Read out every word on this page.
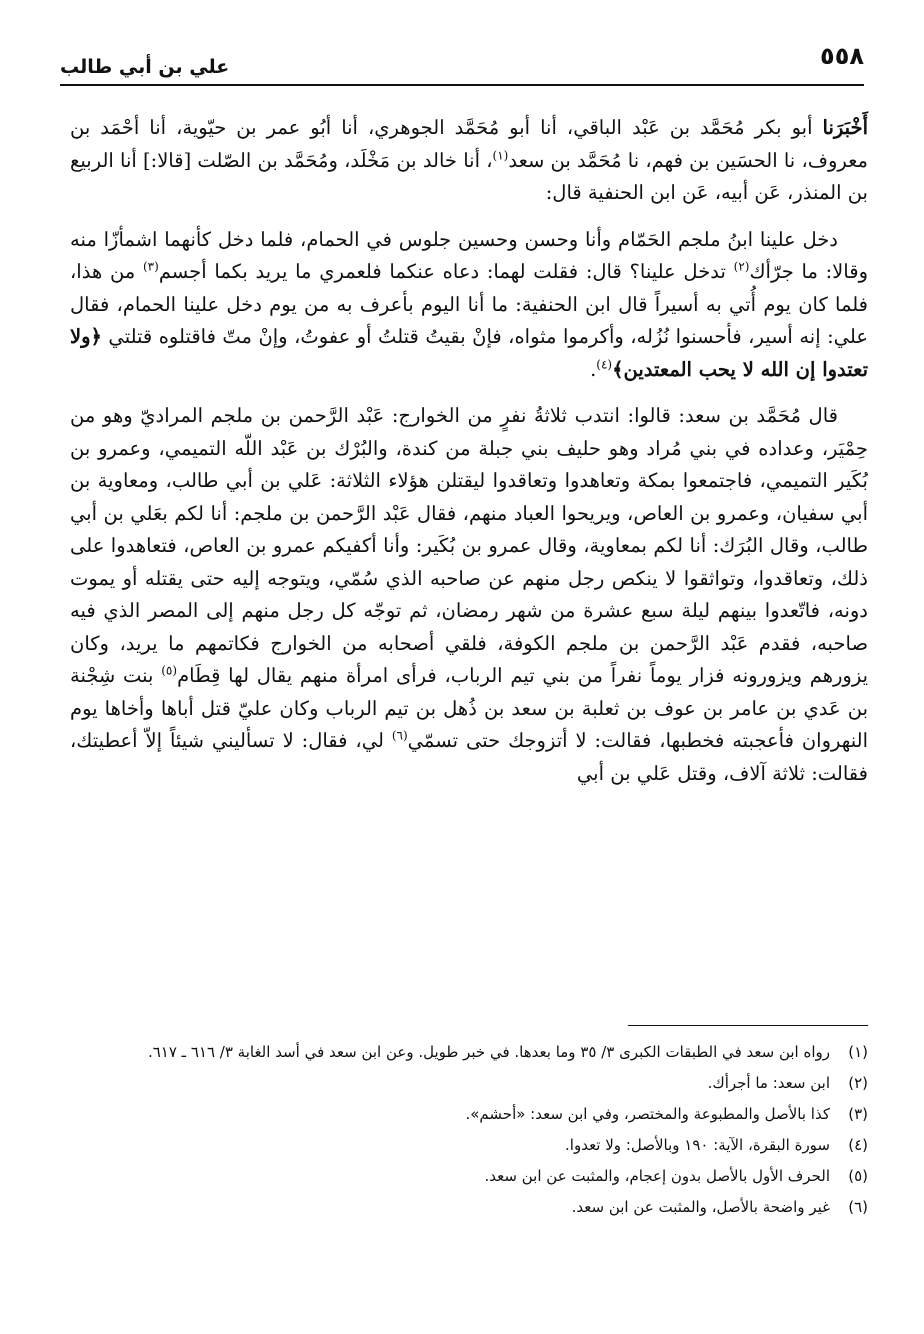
٥٥٨
علي بن أبي طالب

أَخْبَرَنا أبو بكر مُحَمَّد بن عَبْد الباقي، أنا أبو مُحَمَّد الجوهري، أنا أبُو عمر بن حيّوية، أنا أحْمَد بن معروف، نا الحسَين بن فهم، نا مُحَمَّد بن سعد$^{(١)}$، أنا خالد بن مَخْلَد، ومُحَمَّد بن الصّلت [قالا:] أنا الربيع بن المنذر، عَن أبيه، عَن ابن الحنفية قال:

دخل علينا ابنُ ملجم الحَمّام وأنا وحسن وحسين جلوس في الحمام، فلما دخل كأنهما اشمأزّا منه وقالا: ما جرّأك$^{(٢)}$ تدخل علينا؟ قال: فقلت لهما: دعاه عنكما فلعمري ما يريد بكما أجسم$^{(٣)}$ من هذا، فلما كان يوم أُتي به أسيراً قال ابن الحنفية: ما أنا اليوم بأعرف به من يوم دخل علينا الحمام، فقال علي: إنه أسير، فأحسنوا نُزُله، وأكرموا مثواه، فإنْ بقيتُ قتلتُ أو عفوتُ، وإنْ متّ فاقتلوه قتلتي ﴿ولا تعتدوا إن الله لا يحب المعتدين﴾$^{(٤)}$.

قال مُحَمَّد بن سعد: قالوا: انتدب ثلاثةُ نفرٍ من الخوارج: عَبْد الرَّحمن بن ملجم المراديّ وهو من حِمْيَر، وعداده في بني مُراد وهو حليف بني جبلة من كندة، والبُرْك بن عَبْد اللّه التميمي، وعمرو بن بُكَير التميمي، فاجتمعوا بمكة وتعاهدوا وتعاقدوا ليقتلن هؤلاء الثلاثة: عَلي بن أبي طالب، ومعاوية بن أبي سفيان، وعمرو بن العاص، ويريحوا العباد منهم، فقال عَبْد الرَّحمن بن ملجم: أنا لكم بعَلي بن أبي طالب، وقال البُرَك: أنا لكم بمعاوية، وقال عمرو بن بُكَير: وأنا أكفيكم عمرو بن العاص، فتعاهدوا على ذلك، وتعاقدوا، وتواثقوا لا ينكص رجل منهم عن صاحبه الذي سُمّي، ويتوجه إليه حتى يقتله أو يموت دونه، فاتّعدوا بينهم ليلة سبع عشرة من شهر رمضان، ثم توجّه كل رجل منهم إلى المصر الذي فيه صاحبه، فقدم عَبْد الرَّحمن بن ملجم الكوفة، فلقي أصحابه من الخوارج فكاتمهم ما يريد، وكان يزورهم ويزورونه فزار يوماً نفراً من بني تيم الرباب، فرأى امرأة منهم يقال لها قِطَام$^{(٥)}$ بنت شِجْنة بن عَدي بن عامر بن عوف بن ثعلبة بن سعد بن ذُهل بن تيم الرباب وكان عليّ قتل أباها وأخاها يوم النهروان فأعجبته فخطبها، فقالت: لا أتزوجك حتى تسمّي$^{(٦)}$ لي، فقال: لا تسأليني شيئاً إلاّ أعطيتك، فقالت: ثلاثة آلاف، وقتل عَلي بن أبي

(١)
رواه ابن سعد في الطبقات الكبرى ٣/ ٣٥ وما بعدها. في خبر طويل. وعن ابن سعد في أسد الغابة ٣/ ٦١٦ ـ ٦١٧.
(٢)
ابن سعد: ما أجرأك.
(٣)
كذا بالأصل والمطبوعة والمختصر، وفي ابن سعد: «أحشم».
(٤)
سورة البقرة، الآية: ١٩٠ وبالأصل: ولا تعدوا.
(٥)
الحرف الأول بالأصل بدون إعجام، والمثبت عن ابن سعد.
(٦)
غير واضحة بالأصل، والمثبت عن ابن سعد.
